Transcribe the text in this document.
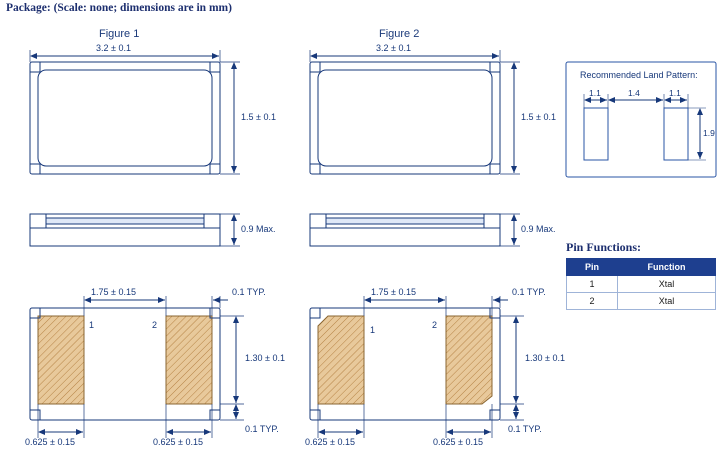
Package: (Scale: none; dimensions are in mm)
Figure 1	Figure 2
3.2 ± 0.1
1.5 ± 0.1
0.9 Max.
1.75 ± 0.15	0.1 TYP.
1.30 ± 0.1
0.1 TYP.
0.625 ± 0.15	0.625 ± 0.15
1	2
3.2 ± 0.1
1.5 ± 0.1
0.9 Max.
1.75 ± 0.15	0.1 TYP.
1.30 ± 0.1
0.1 TYP.
0.625 ± 0.15	0.625 ± 0.15
1	2
Recommended Land Pattern:
1.1	1.4	1.1
1.9
Pin Functions:
Pin	Function
1	Xtal
2	Xtal
